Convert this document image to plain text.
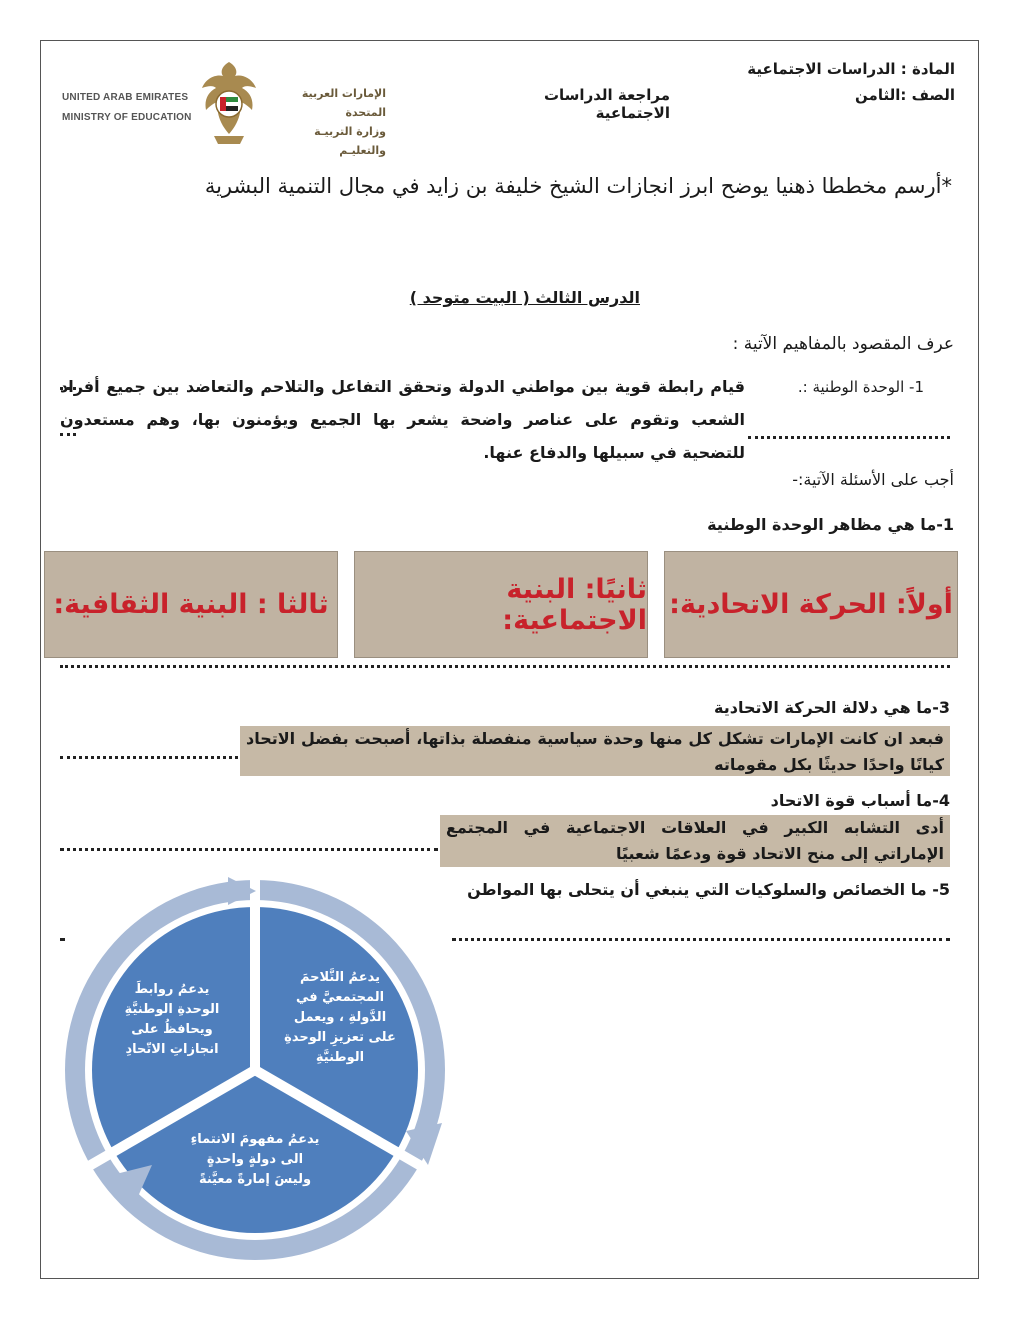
UNITED ARAB EMIRATES
MINISTRY OF EDUCATION
الإمارات العربية المتحدة
وزارة التربيـة والتعليـم
المادة : الدراسات الاجتماعية
الصف :الثامن
مراجعة الدراسات الاجتماعية
*أرسم مخططا ذهنيا يوضح ابرز انجازات الشيخ خليفة بن زايد في مجال التنمية البشرية
الدرس الثالث ( البيت متوحد )
عرف المقصود بالمفاهيم الآتية :
1- الوحدة الوطنية :.
قيام رابطة قوية بين مواطني الدولة وتحقق التفاعل والتلاحم والتعاضد بين جميع أفراد الشعب وتقوم على عناصر واضحة يشعر بها الجميع ويؤمنون بها، وهم مستعدون للتضحية في سبيلها والدفاع عنها.
أجب على الأسئلة الآتية:-
1-ما هي مظاهر الوحدة الوطنية
أولاً: الحركة الاتحادية:
ثانيًا: البنية الاجتماعية:
ثالثا : البنية الثقافية:
3-ما هي دلالة الحركة الاتحادية
فبعد ان كانت الإمارات تشكل كل منها وحدة سياسية منفصلة بذاتها، أصبحت بفضل الاتحاد كيانًا واحدًا حديثًا بكل مقوماته
4-ما أسباب قوة الاتحاد
أدى التشابه الكبير في العلاقات الاجتماعية في المجتمع الإماراتي إلى منح الاتحاد قوة ودعمًا شعبيًا
5- ما الخصائص والسلوكيات التي ينبغي أن يتحلى بها المواطن
يدعمُ التَّلاحمَ المجتمعيَّ في الدَّولةِ ، ويعمل على تعزيزِ الوحدةِ الوطنيَّةِ
يدعمُ روابطَ الوحدةِ الوطنيَّةِ ويحافظُ على انجازاتِ الاتّحادِ
يدعمُ مفهومَ الانتماءِ الى دولةٍ واحدةٍ وليسَ إمارةً معيَّنةً
